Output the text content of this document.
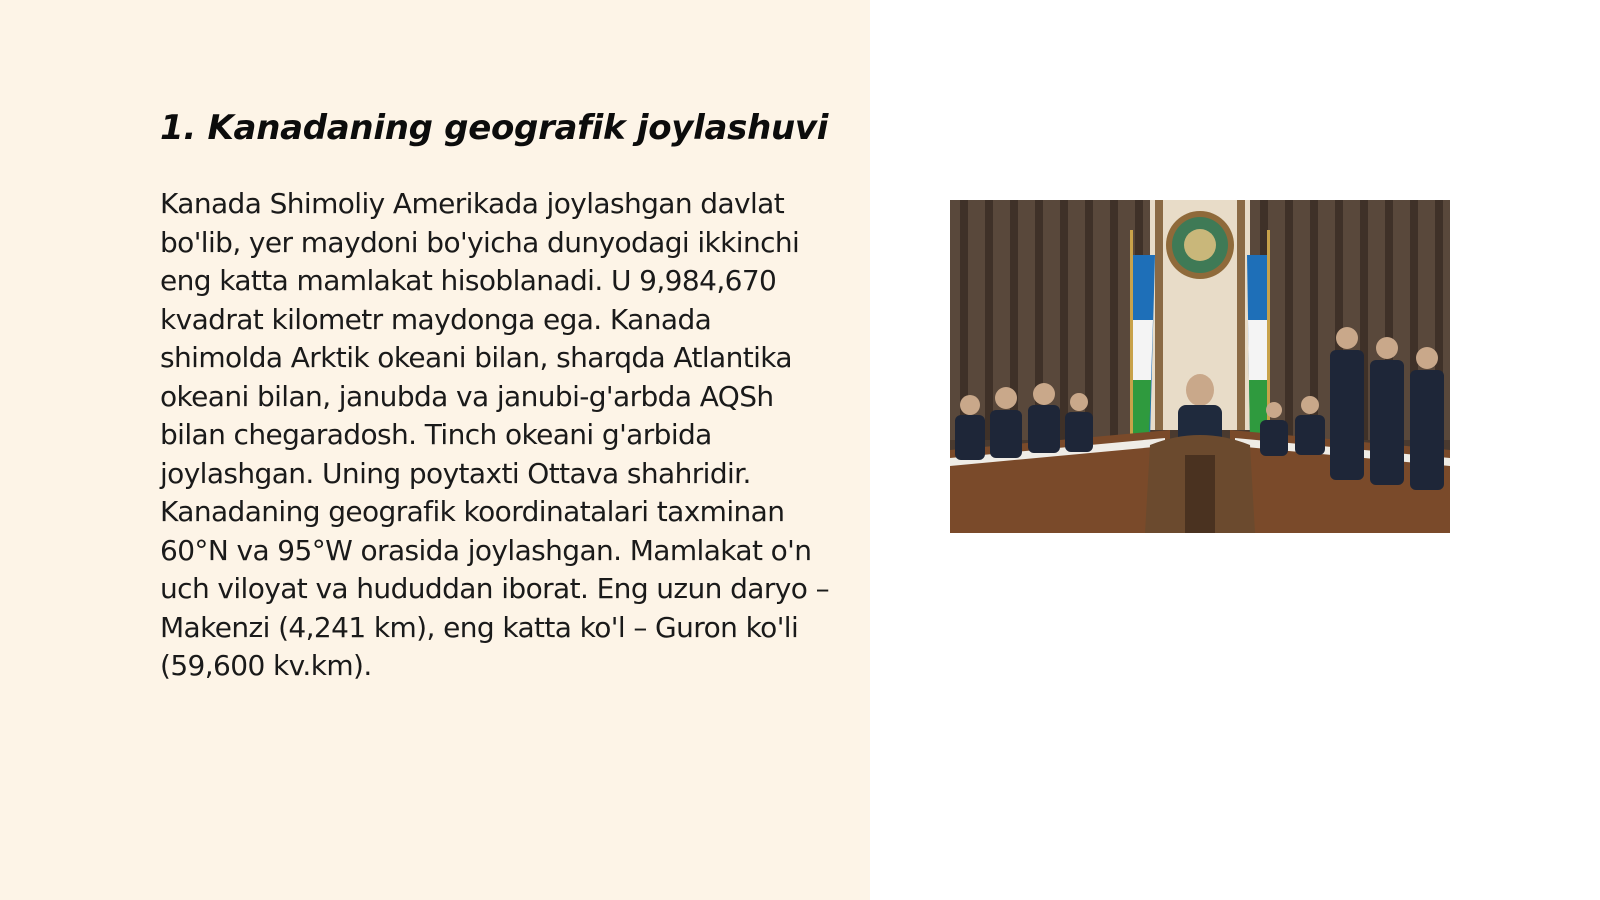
1. Kanadaning geografik joylashuvi

Kanada Shimoliy Amerikada joylashgan davlat bo'lib, yer maydoni bo'yicha dunyodagi ikkinchi eng katta mamlakat hisoblanadi. U 9,984,670 kvadrat kilometr maydonga ega. Kanada shimolda Arktik okeani bilan, sharqda Atlantika okeani bilan, janubda va janubi-g'arbda AQSh bilan chegaradosh. Tinch okeani g'arbida joylashgan. Uning poytaxti Ottava shahridir. Kanadaning geografik koordinatalari taxminan 60°N va 95°W orasida joylashgan. Mamlakat o'n uch viloyat va hududdan iborat. Eng uzun daryo – Makenzi (4,241 km), eng katta ko'l – Guron ko'li (59,600 kv.km).
